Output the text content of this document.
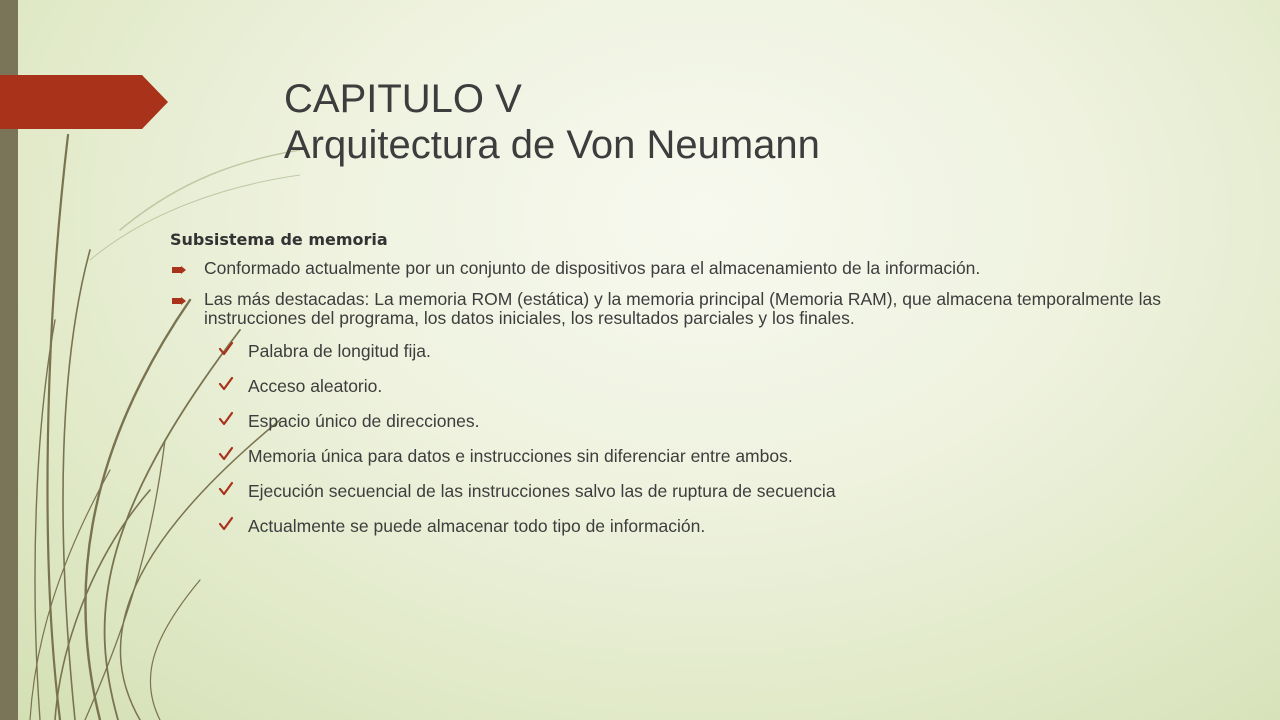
CAPITULO V
Arquitectura de Von Neumann
Subsistema de memoria
Conformado actualmente por un conjunto de dispositivos para el almacenamiento de la información.
Las más destacadas: La memoria ROM (estática) y la memoria principal (Memoria RAM), que almacena temporalmente las instrucciones del programa, los datos iniciales, los resultados parciales y los finales.
Palabra de longitud fija.
Acceso aleatorio.
Espacio único de direcciones.
Memoria única para datos e instrucciones sin diferenciar entre ambos.
Ejecución secuencial de las instrucciones salvo las de ruptura de secuencia
Actualmente se puede almacenar todo tipo de información.
